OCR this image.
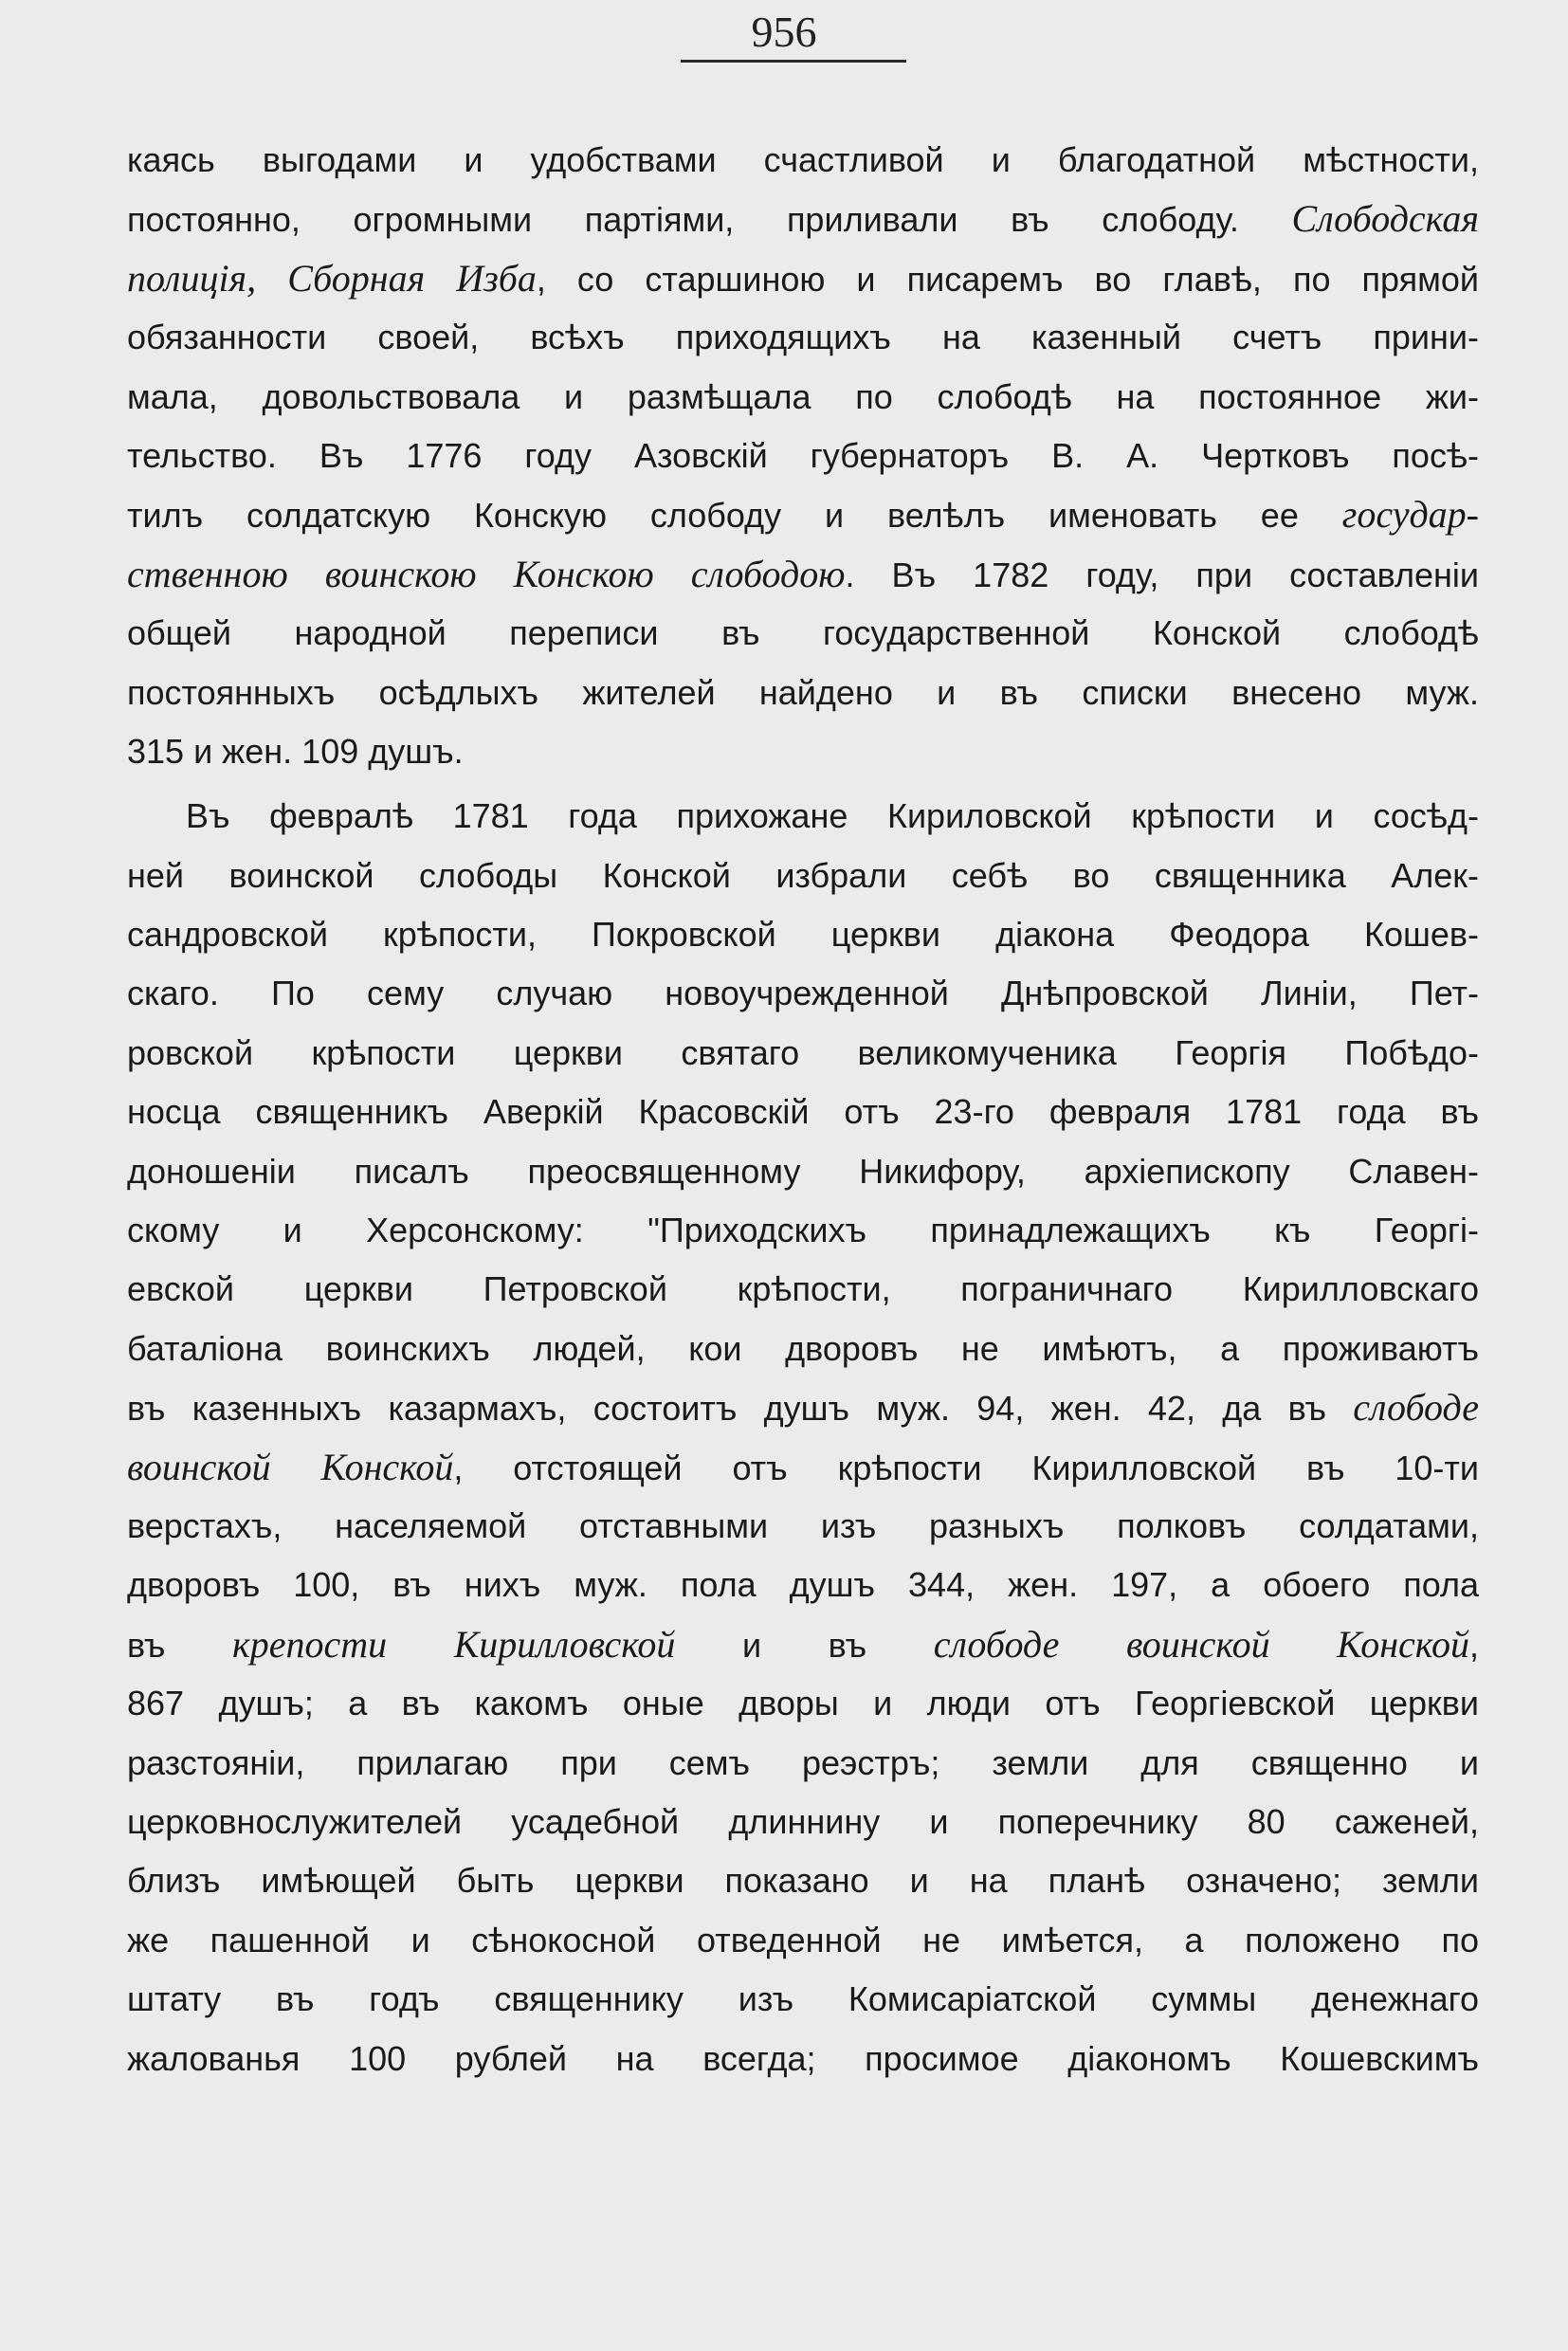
956
каясь выгодами и удобствами счастливой и благодатной мѣстности,
постоянно, огромными партіями, приливали въ слободу. Слободская
полиція, Сборная Изба, со старшиною и писаремъ во главѣ, по прямой
обязанности своей, всѣхъ приходящихъ на казенный счетъ прини-
мала, довольствовала и размѣщала по слободѣ на постоянное жи-
тельство. Въ 1776 году Азовскій губернаторъ В. А. Чертковъ посѣ-
тилъ солдатскую Конскую слободу и велѣлъ именовать ее государ-
ственною воинскою Конскою слободою. Въ 1782 году, при составленіи
общей народной переписи въ государственной Конской слободѣ
постоянныхъ осѣдлыхъ жителей найдено и въ списки внесено муж.
315 и жен. 109 душъ.
Въ февралѣ 1781 года прихожане Кириловской крѣпости и сосѣд-
ней воинской слободы Конской избрали себѣ во священника Алек-
сандровской крѣпости, Покровской церкви діакона Феодора Кошев-
скаго. По сему случаю новоучрежденной Днѣпровской Линіи, Пет-
ровской крѣпости церкви святаго великомученика Георгія Побѣдо-
носца священникъ Аверкій Красовскій отъ 23-го февраля 1781 года въ
доношеніи писалъ преосвященному Никифору, архіепископу Славен-
скому и Херсонскому: "Приходскихъ принадлежащихъ къ Георгі-
евской церкви Петровской крѣпости, пограничнаго Кирилловскаго
баталіона воинскихъ людей, кои дворовъ не имѣютъ, а проживаютъ
въ казенныхъ казармахъ, состоитъ душъ муж. 94, жен. 42, да въ слободе
воинской Конской, отстоящей отъ крѣпости Кирилловской въ 10-ти
верстахъ, населяемой отставными изъ разныхъ полковъ солдатами,
дворовъ 100, въ нихъ муж. пола душъ 344, жен. 197, а обоего пола
въ крепости Кирилловской и въ слободе воинской Конской,
867 душъ; а въ какомъ оные дворы и люди отъ Георгіевской церкви
разстояніи, прилагаю при семъ реэстръ; земли для священно и
церковнослужителей усадебной длиннину и поперечнику 80 саженей,
близъ имѣющей быть церкви показано и на планѣ означено; земли
же пашенной и сѣнокосной отведенной не имѣется, а положено по
штату въ годъ священнику изъ Комисаріатской суммы денежнаго
жалованья 100 рублей на всегда; просимое діакономъ Кошевскимъ
